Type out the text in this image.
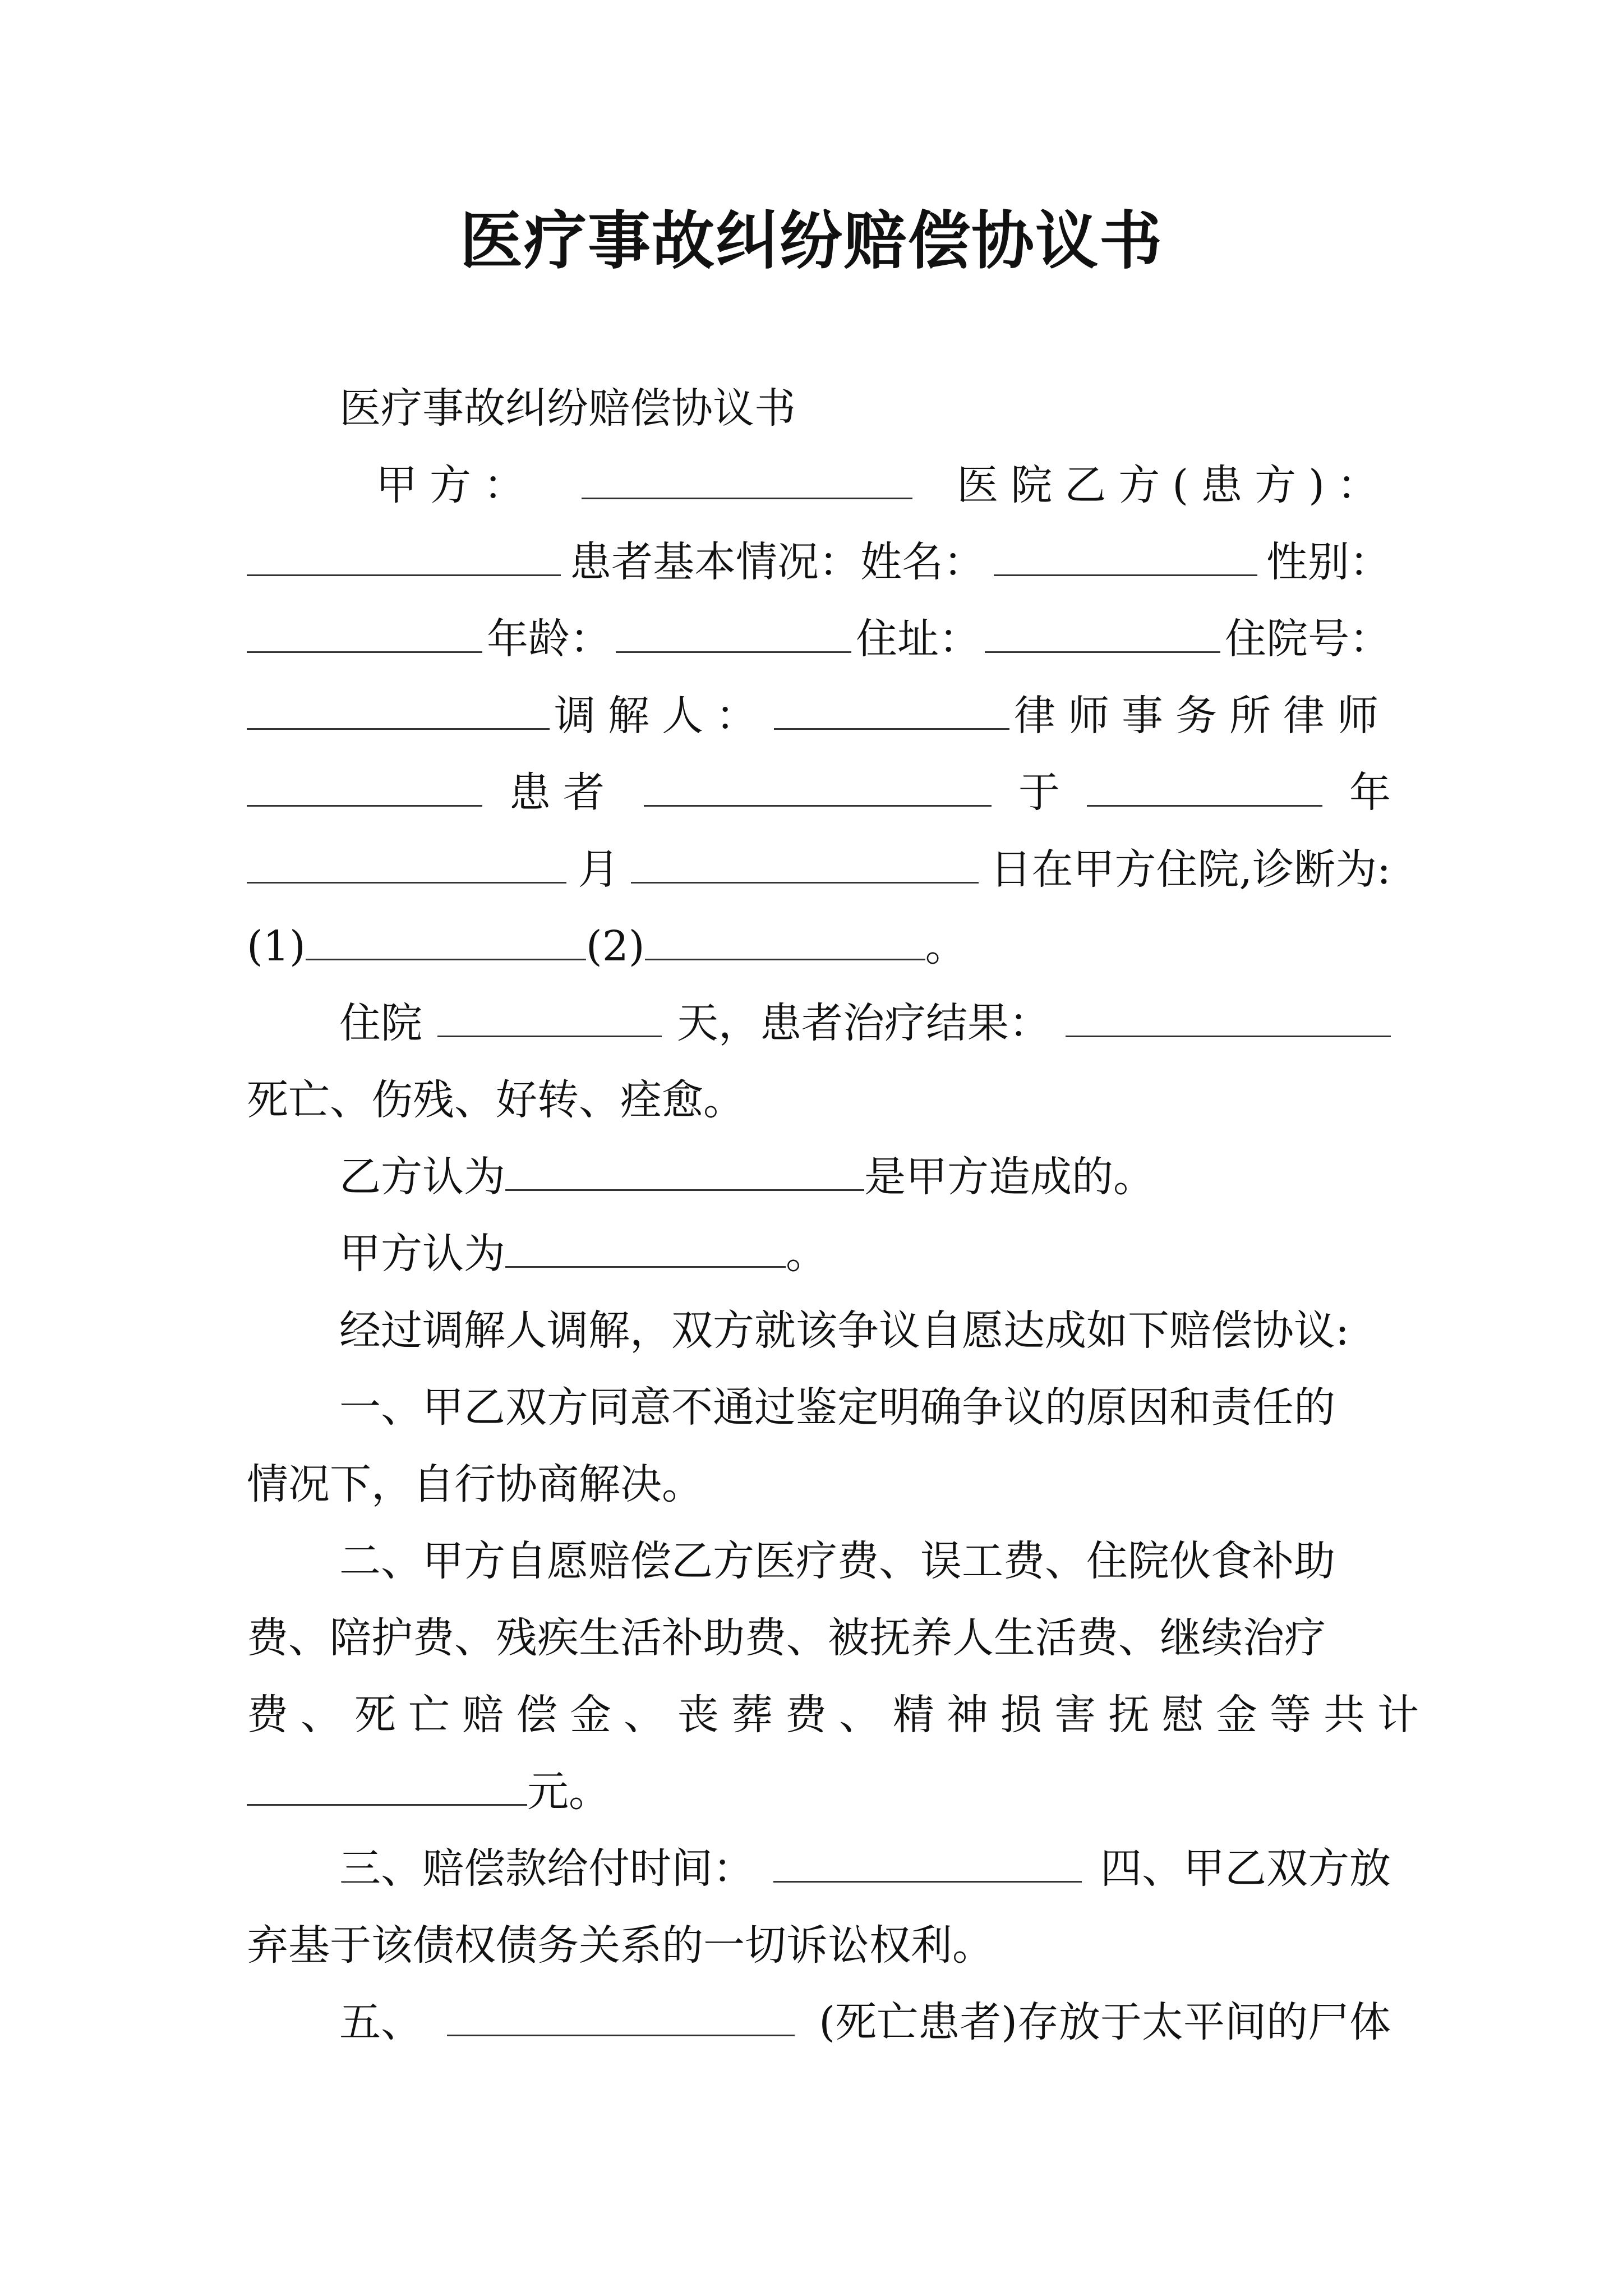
医疗事故纠纷赔偿协议书
医疗事故纠纷赔偿协议书
甲方：	医院乙方(患方)：
患者基本情况：姓名：	性别：
年龄：	住址：	住院号：
调解人：	律师事务所律师
患者	于	年
月	日在甲方住院,诊断为:
(1)	(2)	。
住院	天，患者治疗结果：
死亡、伤残、好转、痊愈。
乙方认为	是甲方造成的。
甲方认为	。
经过调解人调解，双方就该争议自愿达成如下赔偿协议:
一、甲乙双方同意不通过鉴定明确争议的原因和责任的
情况下，自行协商解决。
二、甲方自愿赔偿乙方医疗费、误工费、住院伙食补助
费、陪护费、残疾生活补助费、被抚养人生活费、继续治疗
费、死亡赔偿金、丧葬费、精神损害抚慰金等共计
元。
三、赔偿款给付时间：	四、甲乙双方放
弃基于该债权债务关系的一切诉讼权利。
五、	(死亡患者)存放于太平间的尸体
